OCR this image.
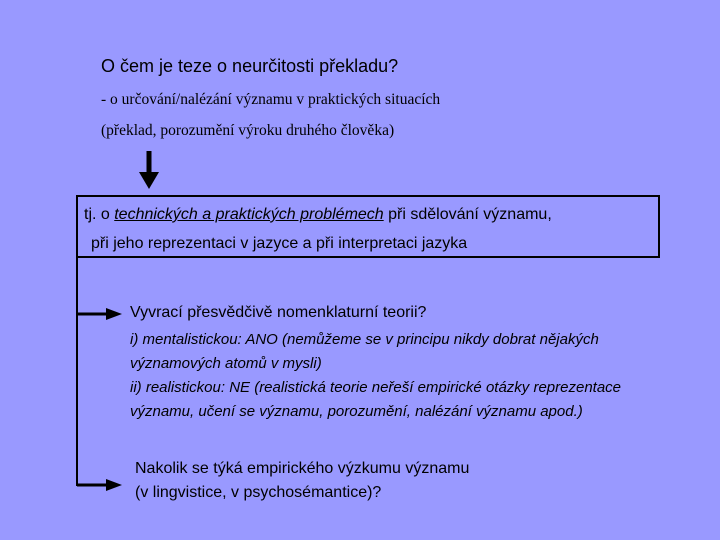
O čem je teze o neurčitosti překladu?

- o určování/nalézání významu v praktických situacích

(překlad, porozumění výroku druhého člověka)

tj. o technických a praktických problémech při sdělování významu,

při jeho reprezentaci v jazyce a při interpretaci jazyka

Vyvrací přesvědčivě nomenklaturní teorii?

i) mentalistickou: ANO (nemůžeme se v principu nikdy dobrat nějakých

významových atomů v mysli)

ii) realistickou: NE (realistická teorie neřeší empirické otázky reprezentace

významu, učení se významu, porozumění, nalézání významu apod.)

Nakolik se týká empirického výzkumu významu

(v lingvistice, v psychosémantice)?
